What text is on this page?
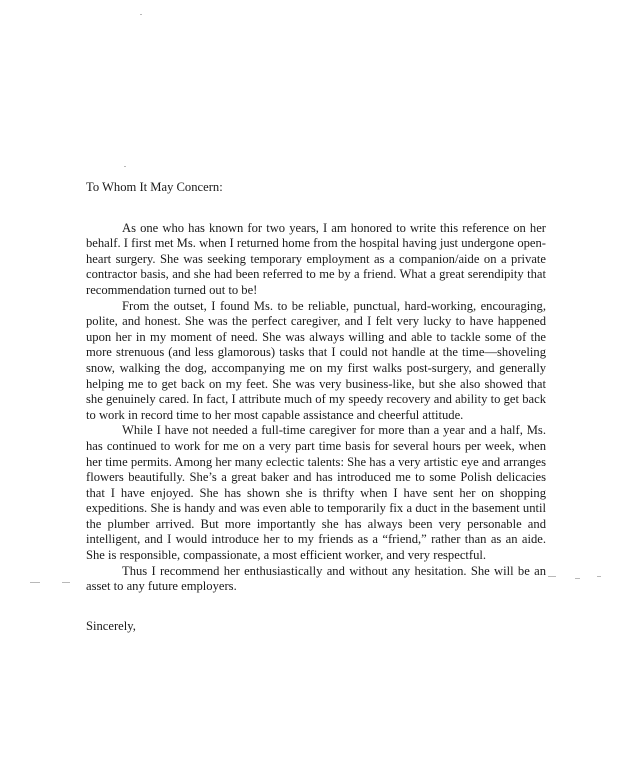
To Whom It May Concern:

As one who has known for two years, I am honored to write this reference on her behalf. I first met Ms. when I returned home from the hospital having just undergone open-heart surgery. She was seeking temporary employment as a companion/aide on a private contractor basis, and she had been referred to me by a friend. What a great serendipity that recommendation turned out to be!

From the outset, I found Ms. to be reliable, punctual, hard-working, encouraging, polite, and honest. She was the perfect caregiver, and I felt very lucky to have happened upon her in my moment of need. She was always willing and able to tackle some of the more strenuous (and less glamorous) tasks that I could not handle at the time—shoveling snow, walking the dog, accompanying me on my first walks post-surgery, and generally helping me to get back on my feet. She was very business-like, but she also showed that she genuinely cared. In fact, I attribute much of my speedy recovery and ability to get back to work in record time to her most capable assistance and cheerful attitude.

While I have not needed a full-time caregiver for more than a year and a half, Ms. has continued to work for me on a very part time basis for several hours per week, when her time permits. Among her many eclectic talents: She has a very artistic eye and arranges flowers beautifully. She’s a great baker and has introduced me to some Polish delicacies that I have enjoyed. She has shown she is thrifty when I have sent her on shopping expeditions. She is handy and was even able to temporarily fix a duct in the basement until the plumber arrived. But more importantly she has always been very personable and intelligent, and I would introduce her to my friends as a “friend,” rather than as an aide. She is responsible, compassionate, a most efficient worker, and very respectful.

Thus I recommend her enthusiastically and without any hesitation. She will be an asset to any future employers.

Sincerely,
